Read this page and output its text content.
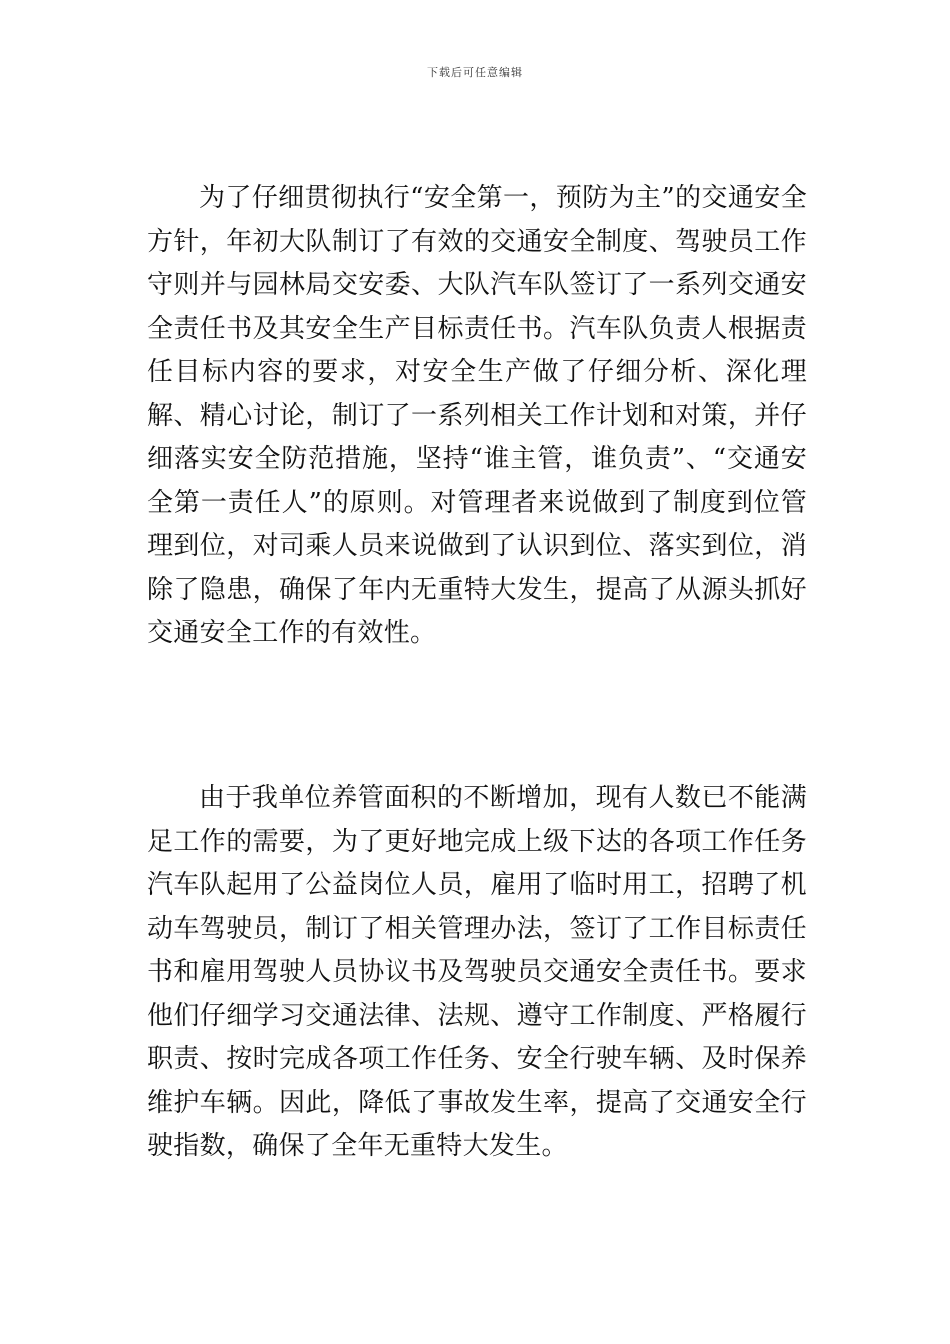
下载后可任意编辑

为了仔细贯彻执行“安全第一，预防为主”的交通安全方针，年初大队制订了有效的交通安全制度、驾驶员工作守则并与园林局交安委、大队汽车队签订了一系列交通安全责任书及其安全生产目标责任书。汽车队负责人根据责任目标内容的要求，对安全生产做了仔细分析、深化理解、精心讨论，制订了一系列相关工作计划和对策，并仔细落实安全防范措施，坚持“谁主管，谁负责”、“交通安全第一责任人”的原则。对管理者来说做到了制度到位管理到位，对司乘人员来说做到了认识到位、落实到位，消除了隐患，确保了年内无重特大发生，提高了从源头抓好交通安全工作的有效性。

由于我单位养管面积的不断增加，现有人数已不能满足工作的需要，为了更好地完成上级下达的各项工作任务汽车队起用了公益岗位人员，雇用了临时用工，招聘了机动车驾驶员，制订了相关管理办法，签订了工作目标责任书和雇用驾驶人员协议书及驾驶员交通安全责任书。要求他们仔细学习交通法律、法规、遵守工作制度、严格履行职责、按时完成各项工作任务、安全行驶车辆、及时保养维护车辆。因此，降低了事故发生率，提高了交通安全行驶指数，确保了全年无重特大发生。
